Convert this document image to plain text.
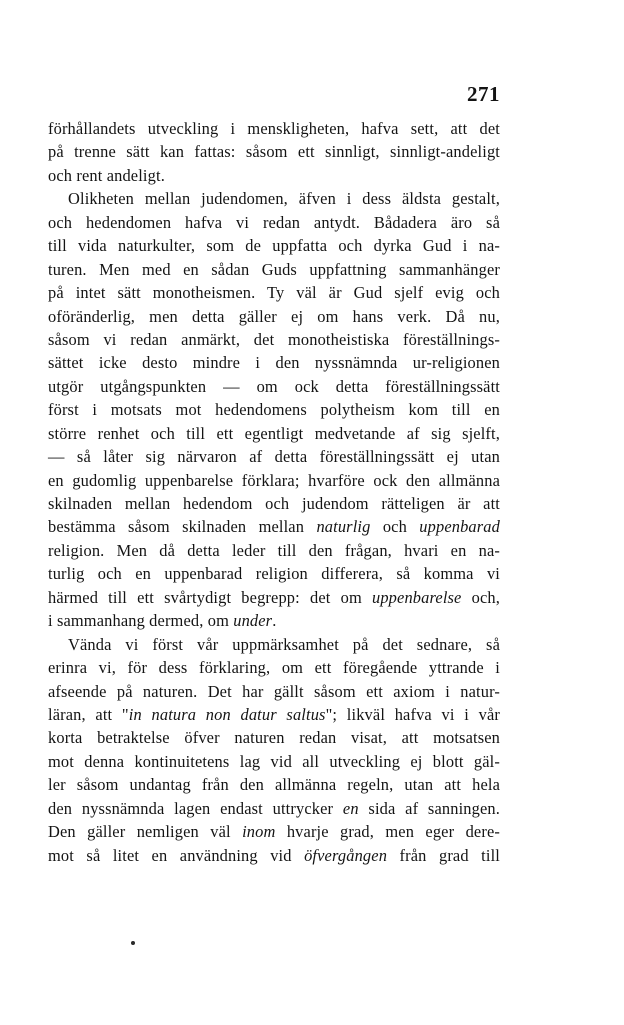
271
förhållandets utveckling i menskligheten, hafva sett, att det
på trenne sätt kan fattas: såsom ett sinnligt, sinnligt-andeligt
och rent andeligt.
Olikheten mellan judendomen, äfven i dess äldsta gestalt,
och hedendomen hafva vi redan antydt. Bådadera äro så
till vida naturkulter, som de uppfatta och dyrka Gud i na-
turen. Men med en sådan Guds uppfattning sammanhänger
på intet sätt monotheismen. Ty väl är Gud sjelf evig och
oföränderlig, men detta gäller ej om hans verk. Då nu,
såsom vi redan anmärkt, det monotheistiska föreställnings-
sättet icke desto mindre i den nyssnämnda ur-religionen
utgör utgångspunkten — om ock detta föreställningssätt
först i motsats mot hedendomens polytheism kom till en
större renhet och till ett egentligt medvetande af sig sjelft,
— så låter sig närvaron af detta föreställningssätt ej utan
en gudomlig uppenbarelse förklara; hvarföre ock den allmänna
skilnaden mellan hedendom och judendom rätteligen är att
bestämma såsom skilnaden mellan naturlig och uppenbarad
religion. Men då detta leder till den frågan, hvari en na-
turlig och en uppenbarad religion differera, så komma vi
härmed till ett svårtydigt begrepp: det om uppenbarelse och,
i sammanhang dermed, om under.
Vända vi först vår uppmärksamhet på det sednare, så
erinra vi, för dess förklaring, om ett föregående yttrande i
afseende på naturen. Det har gällt såsom ett axiom i natur-
läran, att "in natura non datur saltus"; likväl hafva vi i vår
korta betraktelse öfver naturen redan visat, att motsatsen
mot denna kontinuitetens lag vid all utveckling ej blott gäl-
ler såsom undantag från den allmänna regeln, utan att hela
den nyssnämnda lagen endast uttrycker en sida af sanningen.
Den gäller nemligen väl inom hvarje grad, men eger dere-
mot så litet en användning vid öfvergången från grad till
